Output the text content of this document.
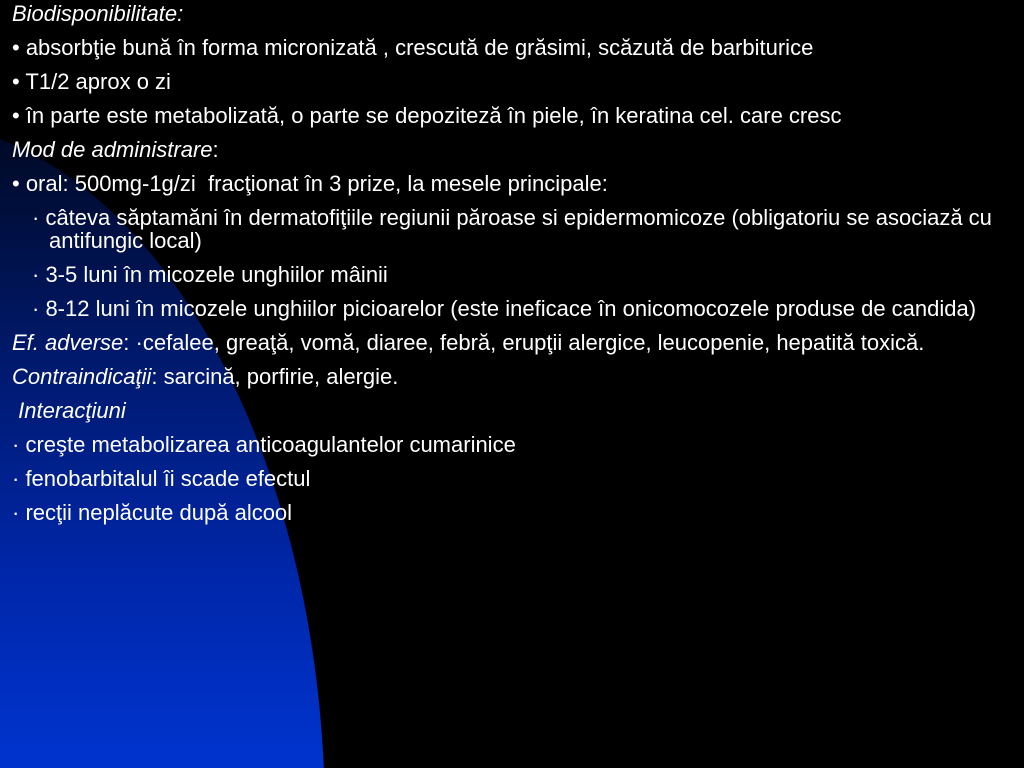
Biodisponibilitate:
• absorbţie bună în forma micronizată , crescută de grăsimi, scăzută de barbiturice
• T1/2 aprox o zi
• în parte este metabolizată, o parte se depoziteză în piele, în keratina cel. care cresc
Mod de administrare:
• oral: 500mg-1g/zi  fracţionat în 3 prize, la mesele principale:
· câteva săptamăni în dermatofiţiile regiunii păroase si epidermomicoze (obligatoriu se asociază cu antifungic local)
· 3-5 luni în micozele unghiilor mâinii
· 8-12 luni în micozele unghiilor picioarelor (este ineficace în onicomocozele produse de candida)
Ef. adverse: ·cefalee, greaţă, vomă, diaree, febră, erupţii alergice, leucopenie, hepatită toxică.
Contraindicaţii: sarcină, porfirie, alergie.
Interacţiuni
· creşte metabolizarea anticoagulantelor cumarinice
· fenobarbitalul îi scade efectul
· recţii neplăcute după alcool
